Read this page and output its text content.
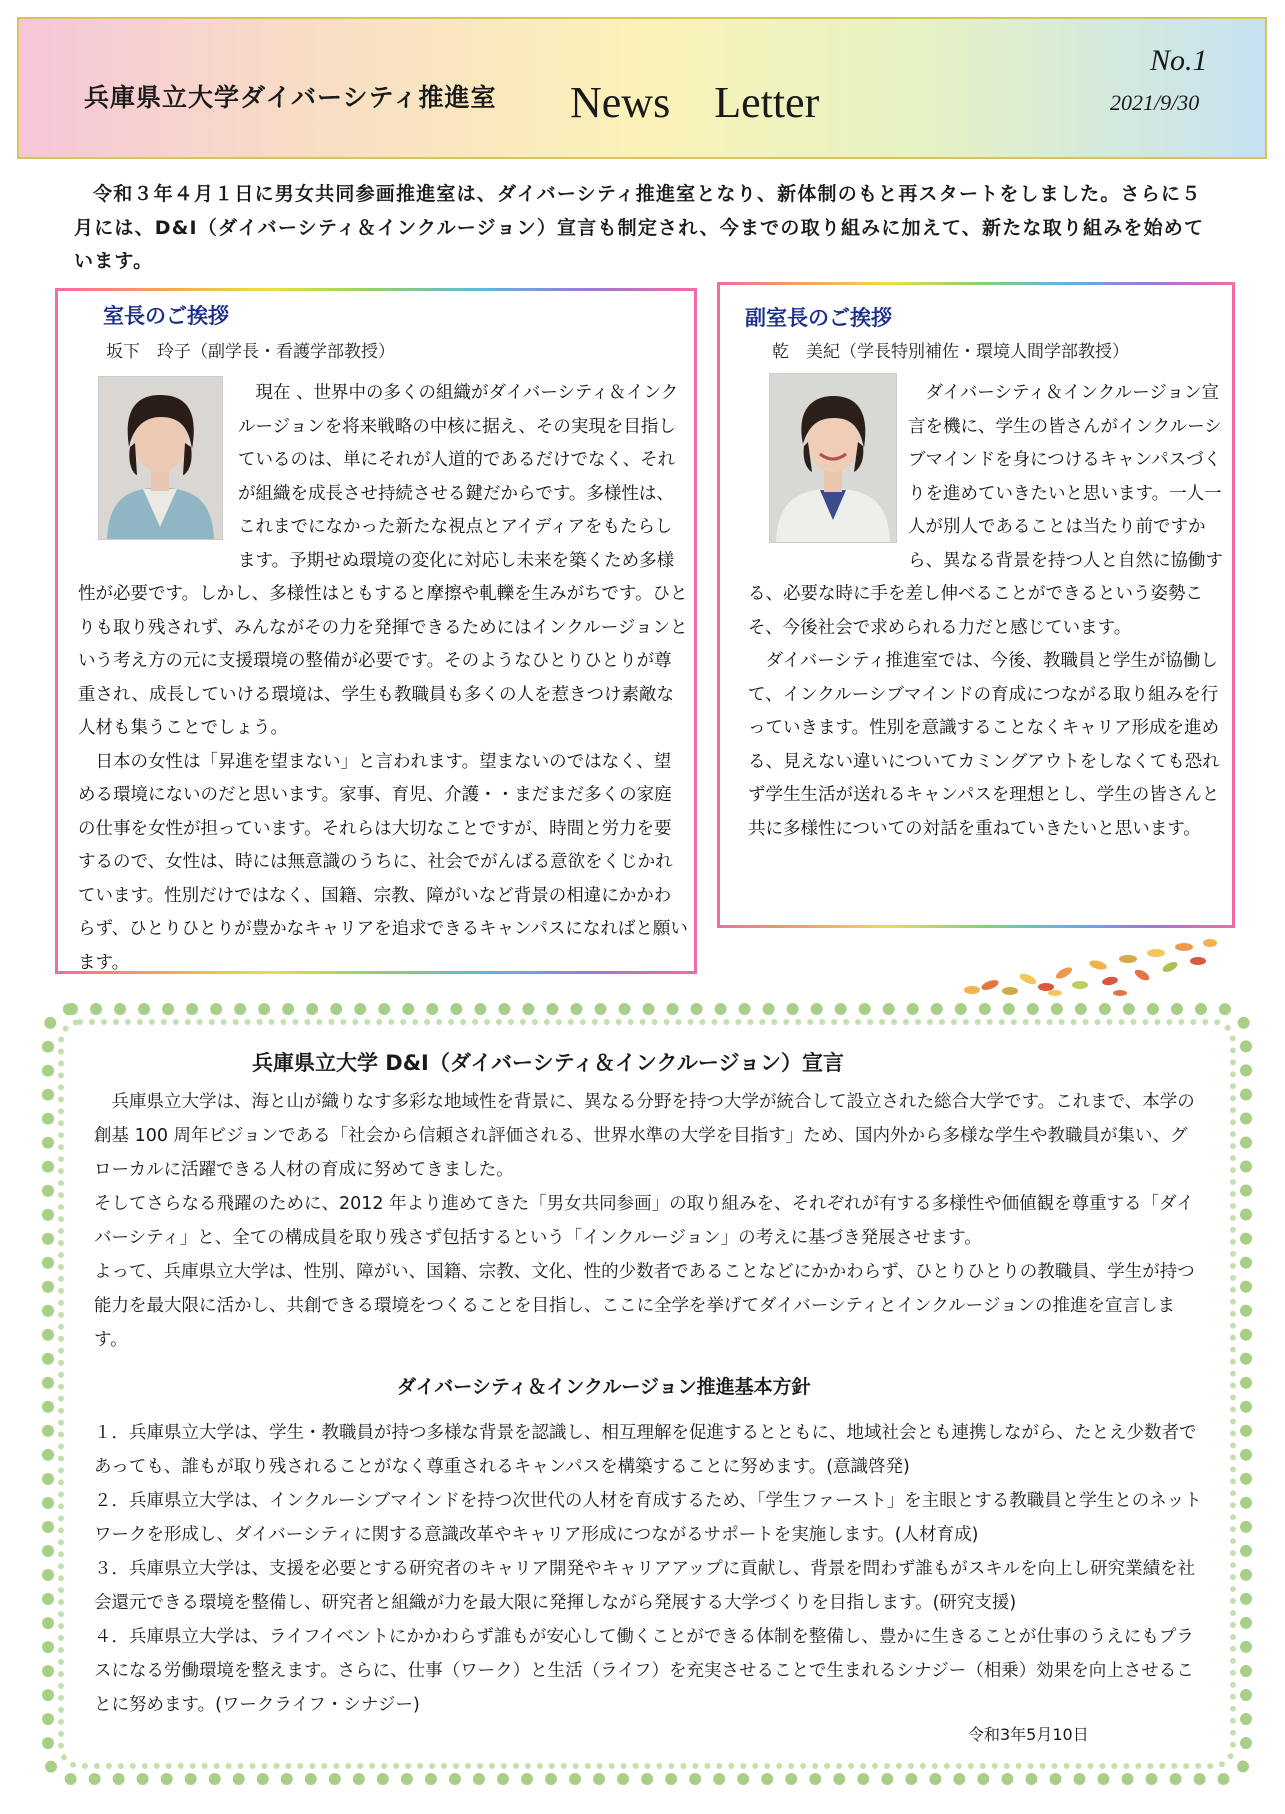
兵庫県立大学ダイバーシティ推進室 News　Letter
No.1
2021/9/30
令和３年４月１日に男女共同参画推進室は、ダイバーシティ推進室となり、新体制のもと再スタートをしました。さらに５月には、D&I（ダイバーシティ＆インクルージョン）宣言も制定され、今までの取り組みに加えて、新たな取り組みを始めています。
室長のご挨拶
坂下　玲子（副学長・看護学部教授）
現在 、世界中の多くの組織がダイバーシティ＆インクルージョンを将来戦略の中核に据え、その実現を目指しているのは、単にそれが人道的であるだけでなく、それが組織を成長させ持続させる鍵だからです。多様性は、これまでになかった新たな視点とアイディアをもたらします。予期せぬ環境の変化に対応し未来を築くため多様性が必要です。しかし、多様性はともすると摩擦や軋轢を生みがちです。ひとりも取り残されず、みんながその力を発揮できるためにはインクルージョンという考え方の元に支援環境の整備が必要です。そのようなひとりひとりが尊重され、成長していける環境は、学生も教職員も多くの人を惹きつけ素敵な人材も集うことでしょう。
日本の女性は「昇進を望まない」と言われます。望まないのではなく、望める環境にないのだと思います。家事、育児、介護・・まだまだ多くの家庭の仕事を女性が担っています。それらは大切なことですが、時間と労力を要するので、女性は、時には無意識のうちに、社会でがんばる意欲をくじかれています。性別だけではなく、国籍、宗教、障がいなど背景の相違にかかわらず、ひとりひとりが豊かなキャリアを追求できるキャンパスになればと願います。
副室長のご挨拶
乾　美紀（学長特別補佐・環境人間学部教授）
ダイバーシティ＆インクルージョン宣言を機に、学生の皆さんがインクルーシブマインドを身につけるキャンパスづくりを進めていきたいと思います。一人一人が別人であることは当たり前ですから、異なる背景を持つ人と自然に協働する、必要な時に手を差し伸べることができるという姿勢こそ、今後社会で求められる力だと感じています。
ダイバーシティ推進室では、今後、教職員と学生が協働して、インクルーシブマインドの育成につながる取り組みを行っていきます。性別を意識することなくキャリア形成を進める、見えない違いについてカミングアウトをしなくても恐れず学生生活が送れるキャンパスを理想とし、学生の皆さんと共に多様性についての対話を重ねていきたいと思います。
兵庫県立大学 D&I（ダイバーシティ＆インクルージョン）宣言
兵庫県立大学は、海と山が織りなす多彩な地域性を背景に、異なる分野を持つ大学が統合して設立された総合大学です。これまで、本学の創基 100 周年ビジョンである「社会から信頼され評価される、世界水準の大学を目指す」ため、国内外から多様な学生や教職員が集い、グローカルに活躍できる人材の育成に努めてきました。
そしてさらなる飛躍のために、2012 年より進めてきた「男女共同参画」の取り組みを、それぞれが有する多様性や価値観を尊重する「ダイバーシティ」と、全ての構成員を取り残さず包括するという「インクルージョン」の考えに基づき発展させます。
よって、兵庫県立大学は、性別、障がい、国籍、宗教、文化、性的少数者であることなどにかかわらず、ひとりひとりの教職員、学生が持つ能力を最大限に活かし、共創できる環境をつくることを目指し、ここに全学を挙げてダイバーシティとインクルージョンの推進を宣言します。
ダイバーシティ＆インクルージョン推進基本方針
１．兵庫県立大学は、学生・教職員が持つ多様な背景を認識し、相互理解を促進するとともに、地域社会とも連携しながら、たとえ少数者であっても、誰もが取り残されることがなく尊重されるキャンパスを構築することに努めます。(意識啓発)
２．兵庫県立大学は、インクルーシブマインドを持つ次世代の人材を育成するため、「学生ファースト」を主眼とする教職員と学生とのネットワークを形成し、ダイバーシティに関する意識改革やキャリア形成につながるサポートを実施します。(人材育成)
３．兵庫県立大学は、支援を必要とする研究者のキャリア開発やキャリアアップに貢献し、背景を問わず誰もがスキルを向上し研究業績を社会還元できる環境を整備し、研究者と組織が力を最大限に発揮しながら発展する大学づくりを目指します。(研究支援)
４．兵庫県立大学は、ライフイベントにかかわらず誰もが安心して働くことができる体制を整備し、豊かに生きることが仕事のうえにもプラスになる労働環境を整えます。さらに、仕事（ワーク）と生活（ライフ）を充実させることで生まれるシナジー（相乗）効果を向上させることに努めます。(ワークライフ・シナジー)
令和3年5月10日
